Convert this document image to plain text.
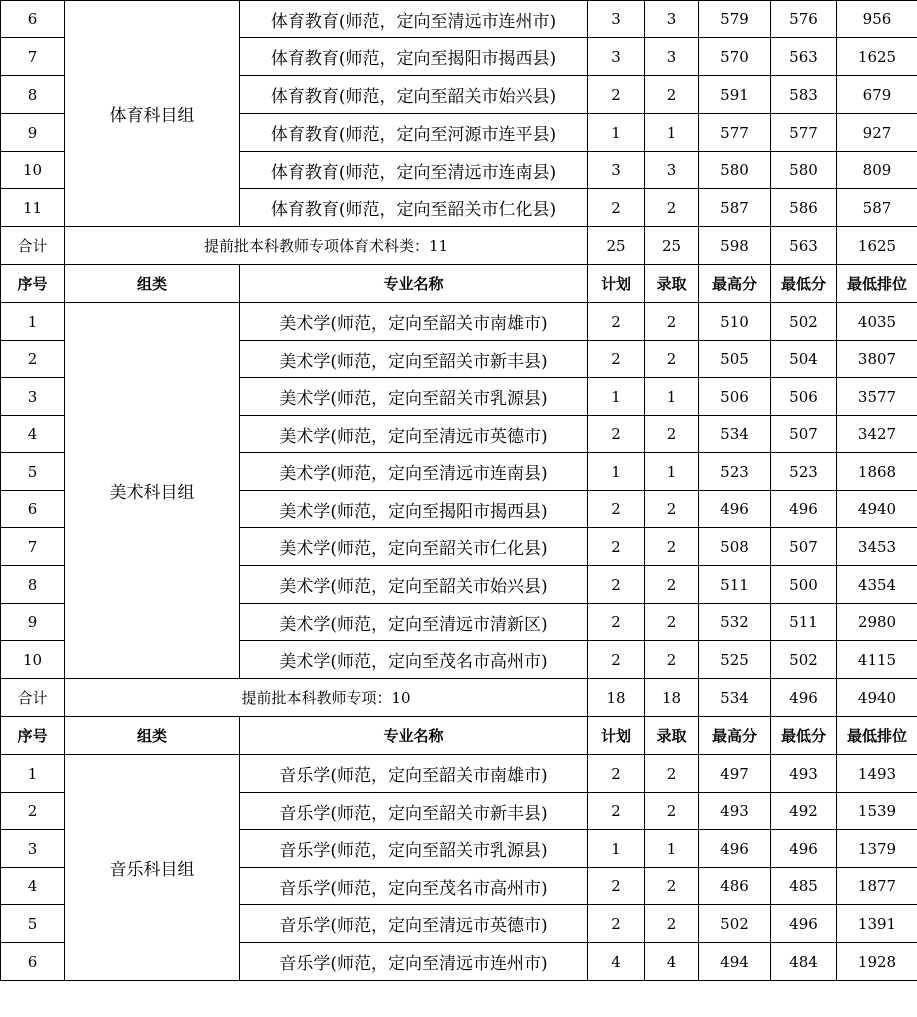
6	体育科目组	体育教育(师范，定向至清远市连州市)	3	3	579	576	956
7		体育教育(师范，定向至揭阳市揭西县)	3	3	570	563	1625
8		体育教育(师范，定向至韶关市始兴县)	2	2	591	583	679
9		体育教育(师范，定向至河源市连平县)	1	1	577	577	927
10		体育教育(师范，定向至清远市连南县)	3	3	580	580	809
11		体育教育(师范，定向至韶关市仁化县)	2	2	587	586	587
合计	提前批本科教师专项体育术科类：11		25	25	598	563	1625
序号	组类	专业名称	计划	录取	最高分	最低分	最低排位
1	美术科目组	美术学(师范，定向至韶关市南雄市)	2	2	510	502	4035
2		美术学(师范，定向至韶关市新丰县)	2	2	505	504	3807
3		美术学(师范，定向至韶关市乳源县)	1	1	506	506	3577
4		美术学(师范，定向至清远市英德市)	2	2	534	507	3427
5		美术学(师范，定向至清远市连南县)	1	1	523	523	1868
6		美术学(师范，定向至揭阳市揭西县)	2	2	496	496	4940
7		美术学(师范，定向至韶关市仁化县)	2	2	508	507	3453
8		美术学(师范，定向至韶关市始兴县)	2	2	511	500	4354
9		美术学(师范，定向至清远市清新区)	2	2	532	511	2980
10		美术学(师范，定向至茂名市高州市)	2	2	525	502	4115
合计	提前批本科教师专项：10		18	18	534	496	4940
序号	组类	专业名称	计划	录取	最高分	最低分	最低排位
1	音乐科目组	音乐学(师范，定向至韶关市南雄市)	2	2	497	493	1493
2		音乐学(师范，定向至韶关市新丰县)	2	2	493	492	1539
3		音乐学(师范，定向至韶关市乳源县)	1	1	496	496	1379
4		音乐学(师范，定向至茂名市高州市)	2	2	486	485	1877
5		音乐学(师范，定向至清远市英德市)	2	2	502	496	1391
6		音乐学(师范，定向至清远市连州市)	4	4	494	484	1928
